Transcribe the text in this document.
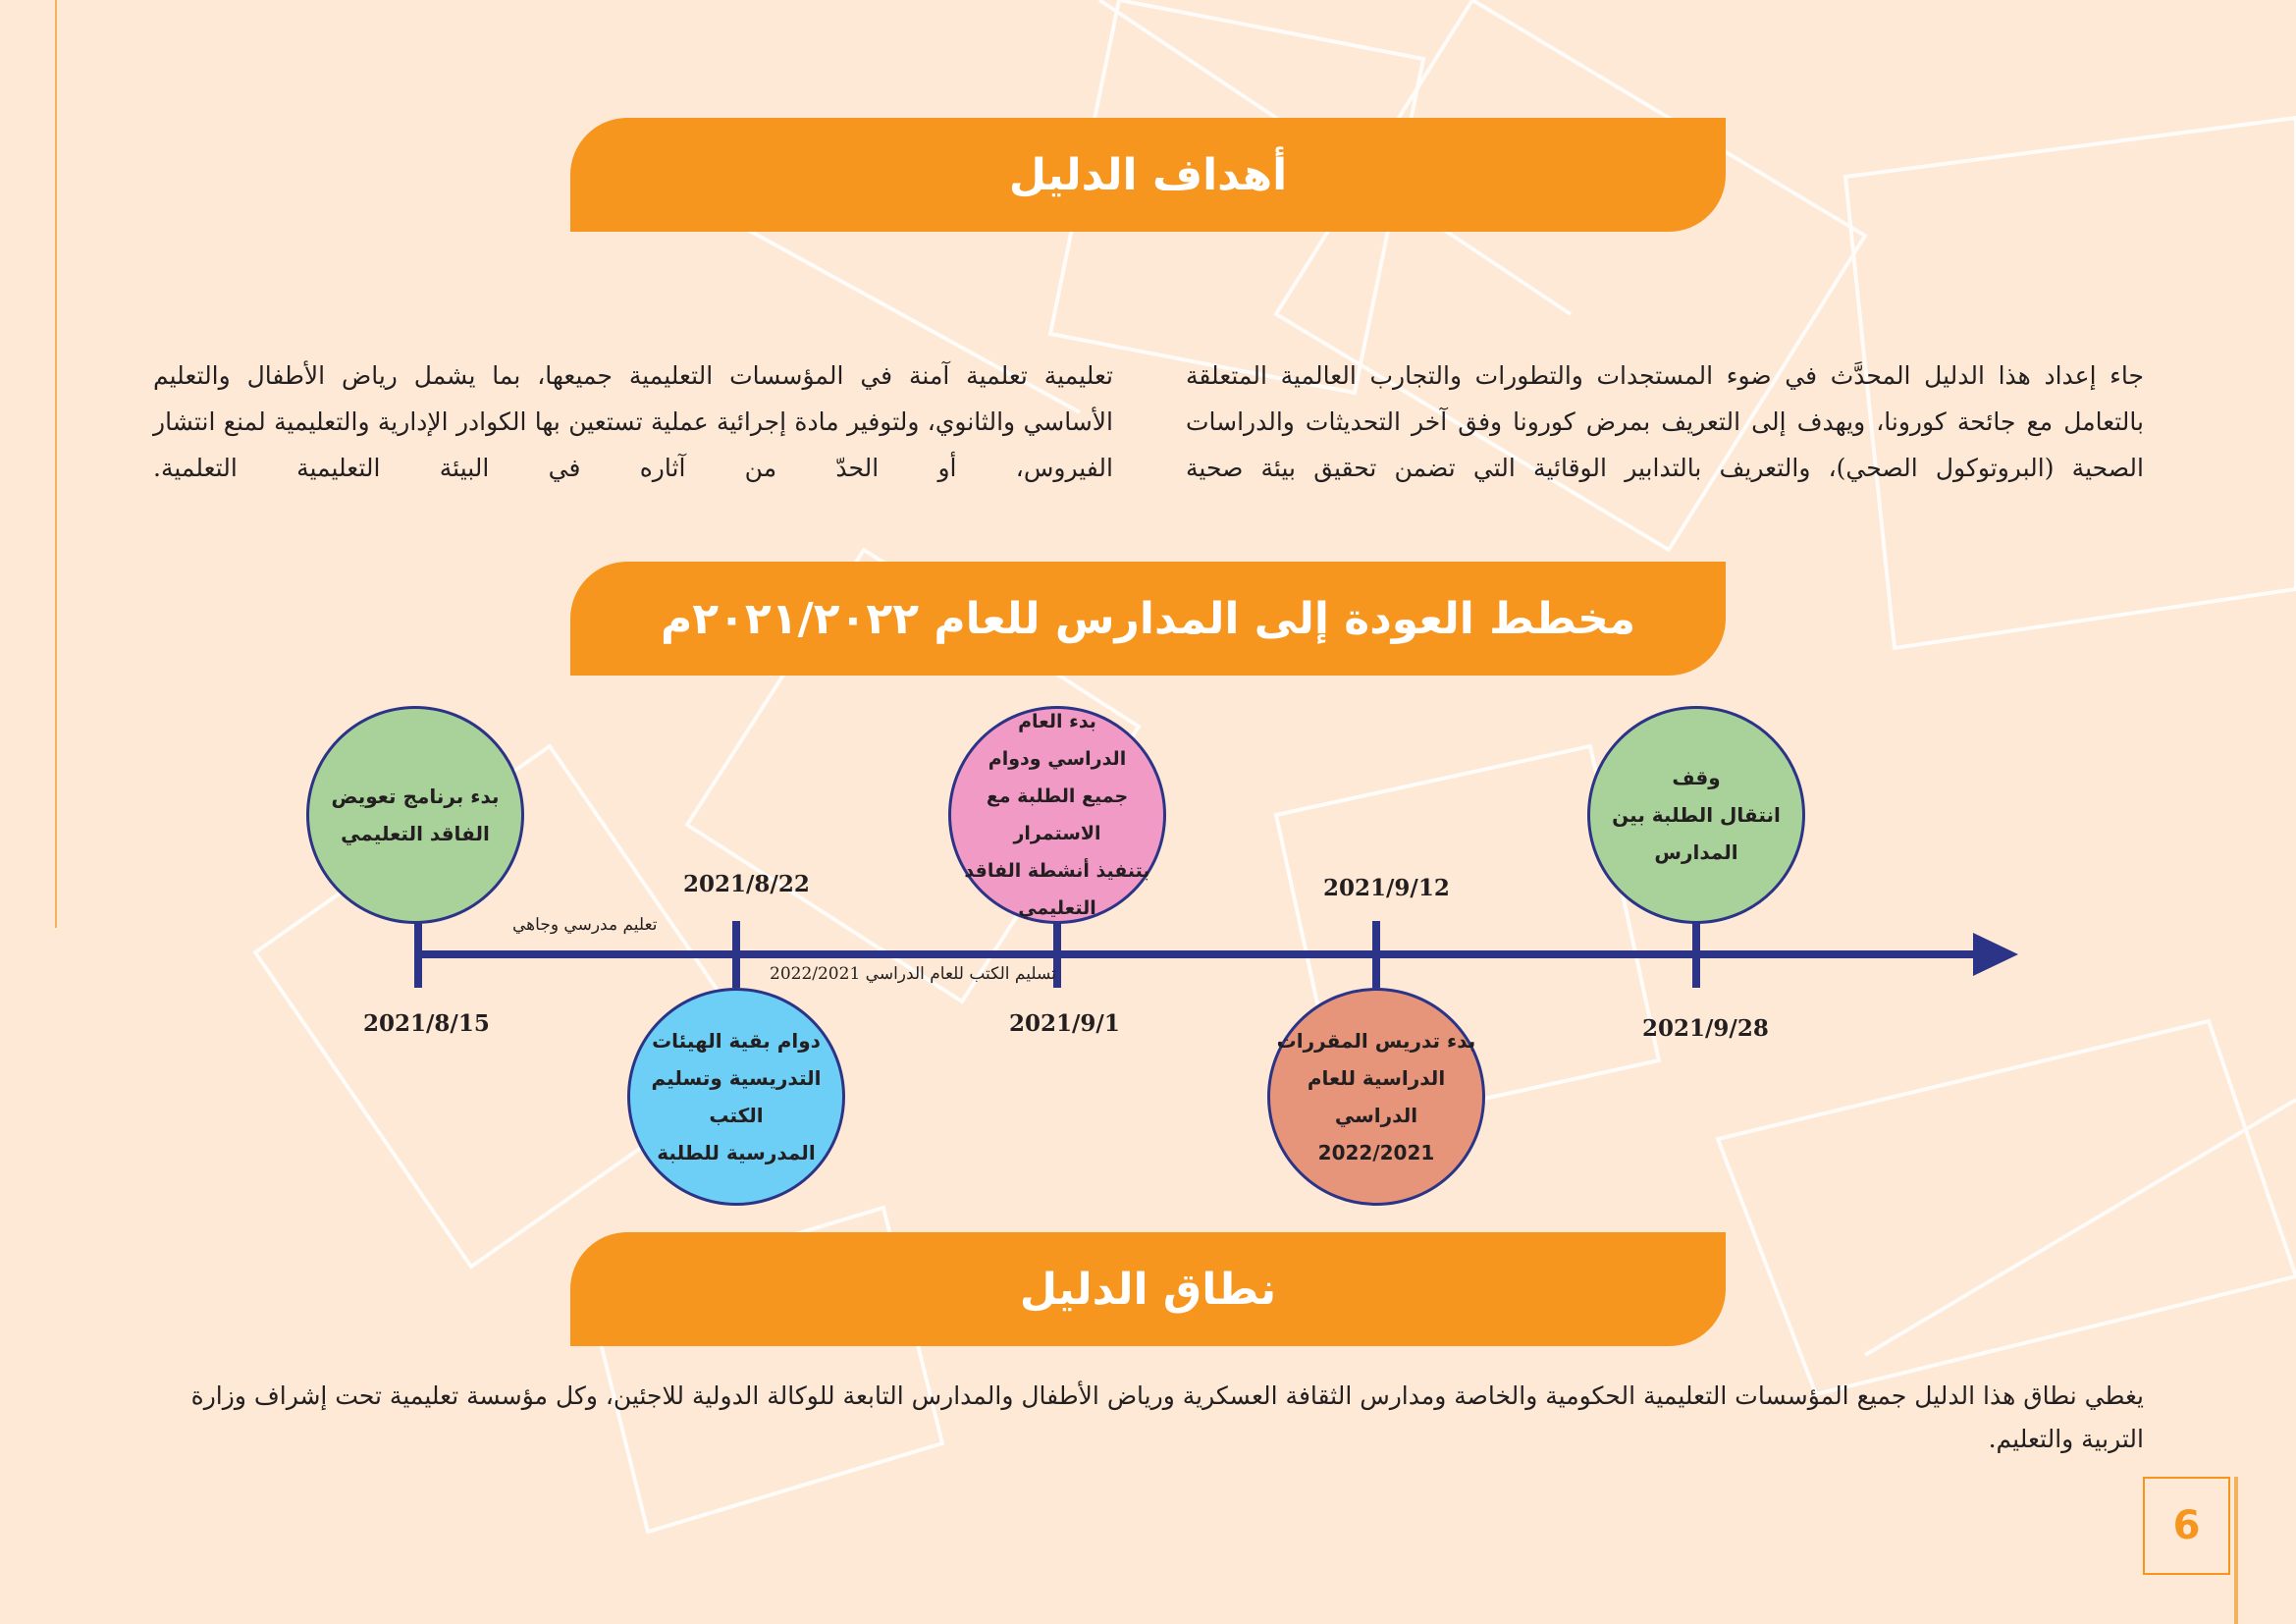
أهداف الدليل
جاء إعداد هذا الدليل المحدَّث في ضوء المستجدات والتطورات والتجارب العالمية المتعلقة بالتعامل مع جائحة كورونا، ويهدف إلى التعريف بمرض كورونا وفق آخر التحديثات والدراسات الصحية (البروتوكول الصحي)، والتعريف بالتدابير الوقائية التي تضمن تحقيق بيئة صحية
تعليمية تعلمية آمنة في المؤسسات التعليمية جميعها، بما يشمل رياض الأطفال والتعليم الأساسي والثانوي، ولتوفير مادة إجرائية عملية تستعين بها الكوادر الإدارية والتعليمية لمنع انتشار الفيروس، أو الحدّ من آثاره في البيئة التعليمية التعلمية.
مخطط العودة إلى المدارس للعام ٢٠٢١/٢٠٢٢م
بدء برنامج تعويض
الفاقد التعليمي
بدء العام
الدراسي ودوام
جميع الطلبة مع الاستمرار
بتنفيذ أنشطة الفاقد
التعليمي
وقف
انتقال الطلبة بين
المدارس
دوام بقية الهيئات
التدريسية وتسليم الكتب
المدرسية للطلبة
بدء تدريس المقررات
الدراسية للعام الدراسي
2022/2021
2021/8/15
2021/8/22
2021/9/1
2021/9/12
2021/9/28
تعليم مدرسي وجاهي
تسليم الكتب للعام الدراسي 2022/2021
نطاق الدليل
يغطي نطاق هذا الدليل جميع المؤسسات التعليمية الحكومية والخاصة ومدارس الثقافة العسكرية ورياض الأطفال والمدارس التابعة للوكالة الدولية للاجئين، وكل مؤسسة تعليمية تحت إشراف وزارة التربية والتعليم.
6
